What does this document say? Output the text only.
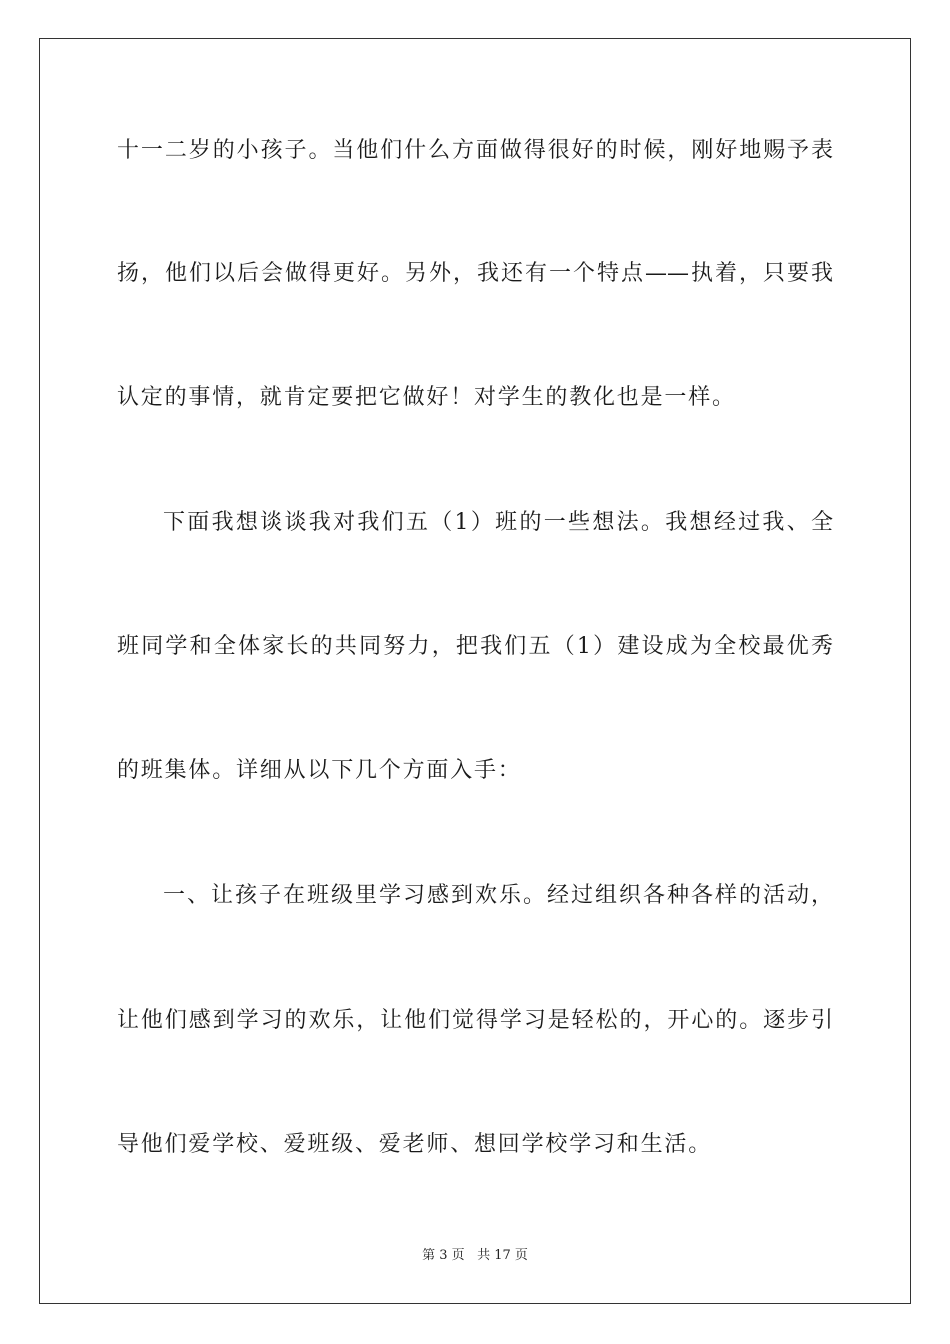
十一二岁的小孩子。当他们什么方面做得很好的时候，刚好地赐予表
扬，他们以后会做得更好。另外，我还有一个特点——执着，只要我
认定的事情，就肯定要把它做好！对学生的教化也是一样。
下面我想谈谈我对我们五（1）班的一些想法。我想经过我、全
班同学和全体家长的共同努力，把我们五（1）建设成为全校最优秀
的班集体。详细从以下几个方面入手：
一、让孩子在班级里学习感到欢乐。经过组织各种各样的活动，
让他们感到学习的欢乐，让他们觉得学习是轻松的，开心的。逐步引
导他们爱学校、爱班级、爱老师、想回学校学习和生活。
第 3 页 共 17 页
